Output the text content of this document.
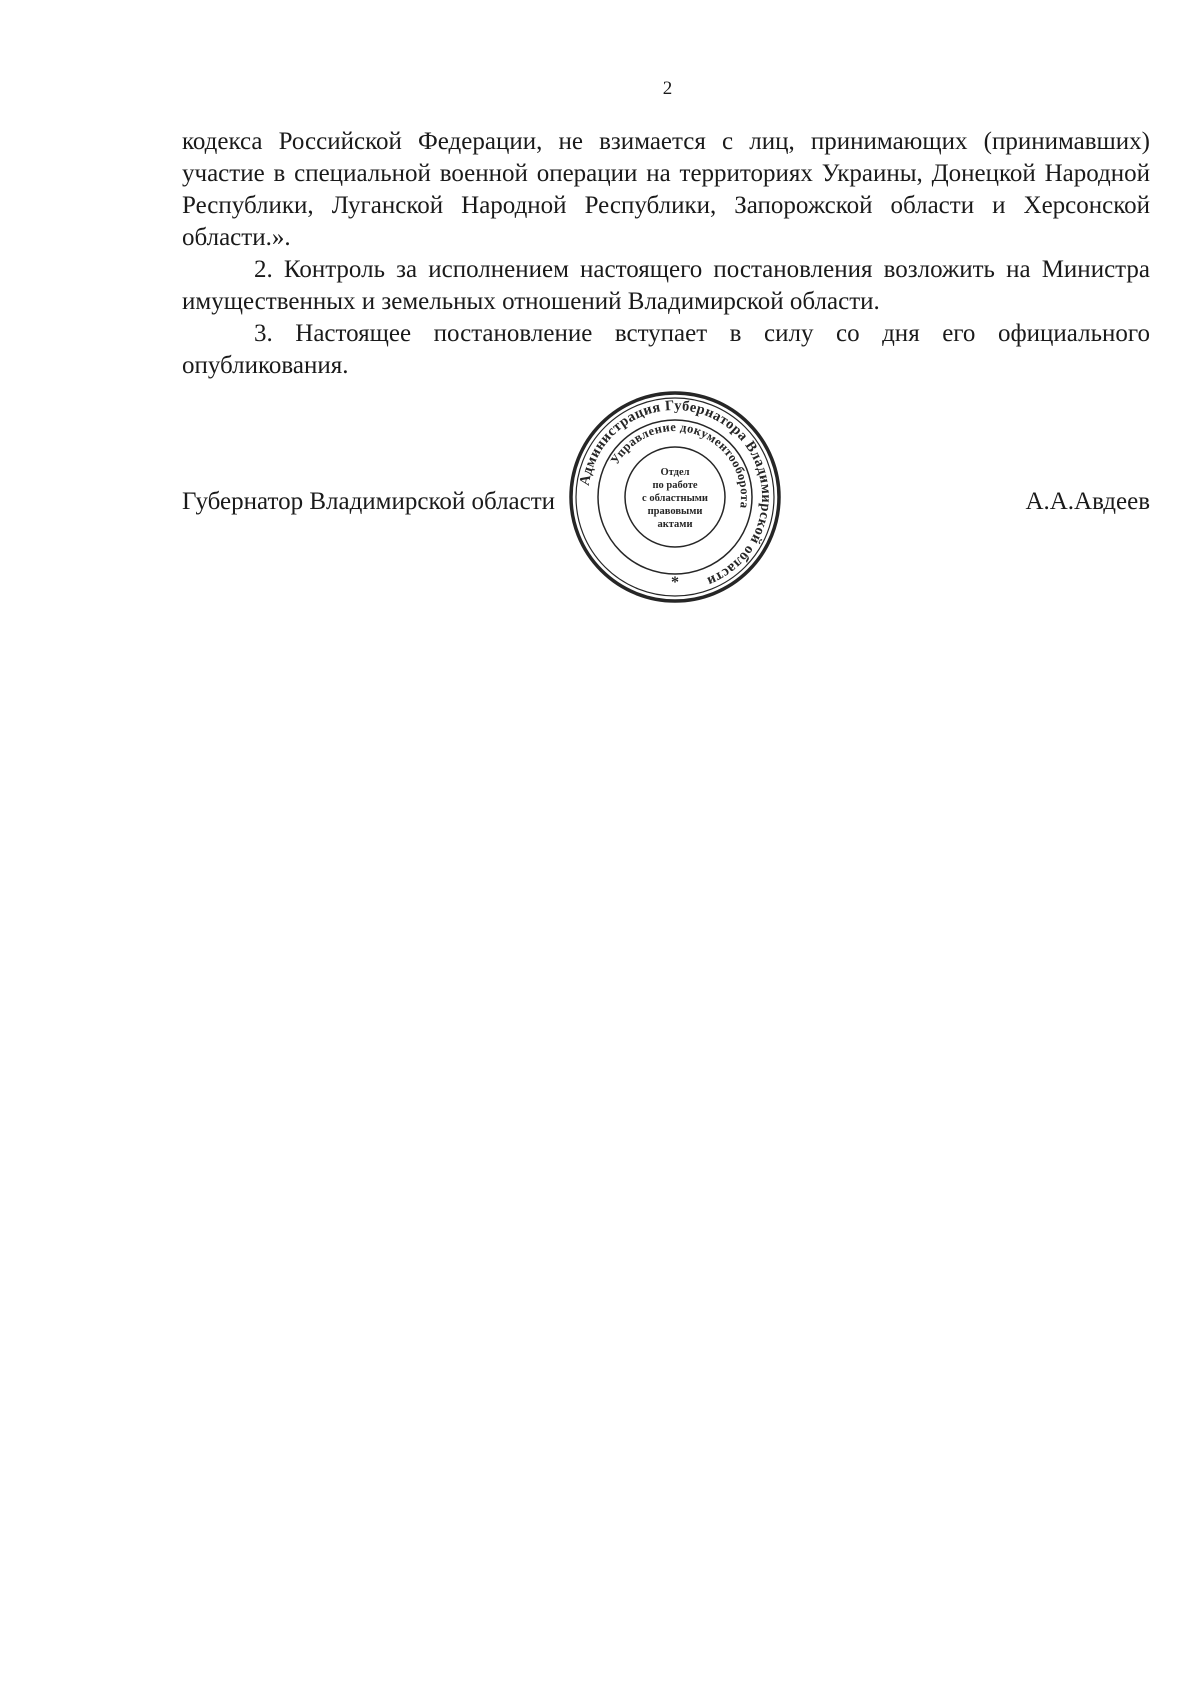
2

кодекса Российской Федерации, не взимается с лиц, принимающих (принимавших) участие в специальной военной операции на территориях Украины, Донецкой Народной Республики, Луганской Народной Республики, Запорожской области и Херсонской области.».

2. Контроль за исполнением настоящего постановления возложить на Министра имущественных и земельных отношений Владимирской области.

3. Настоящее постановление вступает в силу со дня его официального опубликования.

Губернатор Владимирской области	А.А.Авдеев
Администрация Губернатора Владимирской области
Управление документооборота
Отдел
по работе
с областными
правовыми
актами
*
